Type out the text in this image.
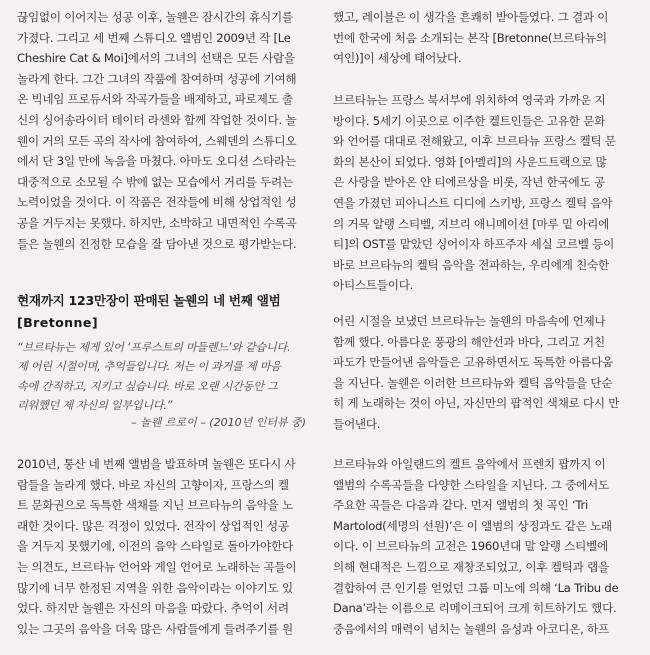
끊임없이 이어지는 성공 이후, 놀웬은 잠시간의 휴식기를
가졌다. 그리고 세 번째 스튜디오 앨범인 2009년 작 [Le
Cheshire Cat & Moi]에서의 그녀의 선택은 모든 사람을
놀라게 한다. 그간 그녀의 작품에 참여하며 성공에 기여해
온 빅네임 프로듀서와 작곡가들을 배제하고, 파로제도 출
신의 싱어송라이터 테이터 라센와 함께 작업한 것이다. 놀
웬이 거의 모든 곡의 작사에 참여하여, 스웨덴의 스튜디오
에서 단 3일 만에 녹음을 마쳤다. 아마도 오디션 스타라는
대중적으로 소모될 수 밖에 없는 모습에서 거리를 두려는
노력이었을 것이다. 이 작품은 전작들에 비해 상업적인 성
공을 거두지는 못했다. 하지만, 소박하고 내면적인 수록곡
들은 놀웬의 진정한 모습을 잘 담아낸 것으로 평가받는다.
현재까지 123만장이 판매된 놀웬의 네 번째 앨범
[Bretonne]
“브르타뉴는 제게 있어 ‘프루스트의 마들렌느’와 같습니다.
제 어린 시절이며, 추억들입니다. 저는 이 과거를 제 마음
속에 간직하고, 지키고 싶습니다. 바로 오랜 시간동안 그
리워했던 제 자신의 일부입니다.”
– 놀웬 르로이 – (2010년 인터뷰 중)
2010년, 통산 네 번째 앨범을 발표하며 놀웬은 또다시 사
람들을 놀라게 했다. 바로 자신의 고향이자, 프랑스의 켈
트 문화권으로 독특한 색채를 지닌 브르타뉴의 음악을 노
래한 것이다. 많은 걱정이 있었다. 전작이 상업적인 성공
을 거두지 못했기에, 이전의 음악 스타일로 돌아가야한다
는 의견도, 브르타뉴 언어와 게일 언어로 노래하는 곡들이
많기에 너무 한정된 지역을 위한 음악이라는 이야기도 있
었다. 하지만 놀웬은 자신의 마음을 따랐다. 추억이 서려
있는 그곳의 음악을 더욱 많은 사람들에게 들려주기를 원
했고, 레이블은 이 생각을 흔쾌히 받아들였다. 그 결과 이
번에 한국에 처음 소개되는 본작 [Bretonne(브르타뉴의
여인)]이 세상에 태어났다.
브르타뉴는 프랑스 북서부에 위치하여 영국과 가까운 지
방이다. 5세기 이곳으로 이주한 켈트인들은 고유한 문화
와 언어를 대대로 전해왔고, 이후 브르타뉴 프랑스 켈틱 문
화의 본산이 되었다. 영화 [아멜리]의 사운드트랙으로 많
은 사랑을 받아온 얀 티에르상을 비롯, 작년 한국에도 공
연을 가졌던 피아니스트 디디에 스키방, 프랑스 켈틱 음악
의 거목 알랭 스티벨, 지브리 애니메이션 [마루 밑 아리에
티]의 OST를 맡았던 싱어이자 하프주자 세실 코르벨 등이
바로 브르타뉴의 켈틱 음악을 전파하는, 우리에게 친숙한
아티스트들이다.
어린 시절을 보냈던 브르타뉴는 놀웬의 마음속에 언제나
함께 했다. 아름다운 풍광의 해안선과 바다, 그리고 거친
파도가 만들어낸 음악들은 고유하면서도 독특한 아름다움
을 지닌다. 놀웬은 이러한 브르타뉴와 켈틱 음악들을 단순
히 게 노래하는 것이 아닌, 자신만의 팝적인 색채로 다시 만
들어낸다.
브르타뉴와 아일랜드의 켈트 음악에서 프렌치 팝까지 이
앨범의 수록곡들을 다양한 스타일을 지닌다. 그 중에서도
주요한 곡들은 다음과 같다. 먼저 앨범의 첫 곡인 ‘Tri
Martolod(세명의 선원)’은 이 앨범의 상징과도 같은 노래
이다. 이 브르타뉴의 고전은 1960년대 말 알랭 스티벨에
의해 현대적은 느낌으로 재창조되었고, 이후 켈틱과 랩을
결합하여 큰 인기를 얻었던 그룹 미노에 의해 ‘La Tribu de
Dana’라는 이름으로 리메이크되어 크게 히트하기도 했다.
중음에서의 매력이 넘치는 놀웬의 음성과 아코디온, 하프
